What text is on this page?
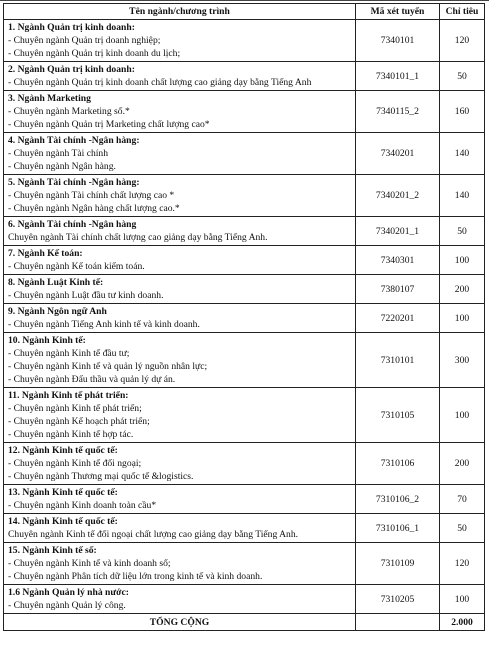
Tên ngành/chương trình	Mã xét tuyển	Chỉ tiêu

1. Ngành Quản trị kinh doanh:
- Chuyên ngành Quản trị doanh nghiệp;
- Chuyên ngành Quản trị kinh doanh du lịch;	7340101	120

2. Ngành Quản trị kinh doanh:
- Chuyên ngành Quản trị kinh doanh chất lượng cao giảng dạy bằng Tiếng Anh	7340101_1	50

3. Ngành Marketing
- Chuyên ngành Marketing số.*
- Chuyên ngành Quản trị Marketing chất lượng cao*	7340115_2	160

4. Ngành Tài chính -Ngân hàng:
- Chuyên ngành Tài chính
- Chuyên ngành Ngân hàng.	7340201	140

5. Ngành Tài chính -Ngân hàng:
- Chuyên ngành Tài chính chất lượng cao *
- Chuyên ngành Ngân hàng chất lượng cao.*	7340201_2	140

6. Ngành Tài chính -Ngân hàng
Chuyên ngành Tài chính chất lượng cao giảng dạy bằng Tiếng Anh.	7340201_1	50

7. Ngành Kế toán:
- Chuyên ngành Kế toán kiểm toán.	7340301	100

8. Ngành Luật Kinh tế:
- Chuyên ngành Luật đầu tư kinh doanh.	7380107	200

9. Ngành Ngôn ngữ Anh
- Chuyên ngành Tiếng Anh kinh tế và kinh doanh.	7220201	100

10. Ngành Kinh tế:
- Chuyên ngành Kinh tế đầu tư;
- Chuyên ngành Kinh tế và quản lý nguồn nhân lực;
- Chuyên ngành Đấu thầu và quản lý dự án.	7310101	300

11. Ngành Kinh tế phát triển:
- Chuyên ngành Kinh tế phát triển;
- Chuyên ngành Kế hoạch phát triển;
- Chuyên ngành Kinh tế hợp tác.	7310105	100

12. Ngành Kinh tế quốc tế:
- Chuyên ngành Kinh tế đối ngoại;
- Chuyên ngành Thương mại quốc tế &logistics.	7310106	200

13. Ngành Kinh tế quốc tế:
- Chuyên ngành Kinh doanh toàn cầu*	7310106_2	70

14. Ngành Kinh tế quốc tế:
Chuyên ngành Kinh tế đối ngoại chất lượng cao giảng dạy bằng Tiếng Anh.	7310106_1	50

15. Ngành Kinh tế số:
- Chuyên ngành Kinh tế và kinh doanh số;
- Chuyên ngành Phân tích dữ liệu lớn trong kinh tế và kinh doanh.	7310109	120

1.6 Ngành Quản lý nhà nước:
- Chuyên ngành Quản lý công.	7310205	100
TỔNG CỘNG		2.000
